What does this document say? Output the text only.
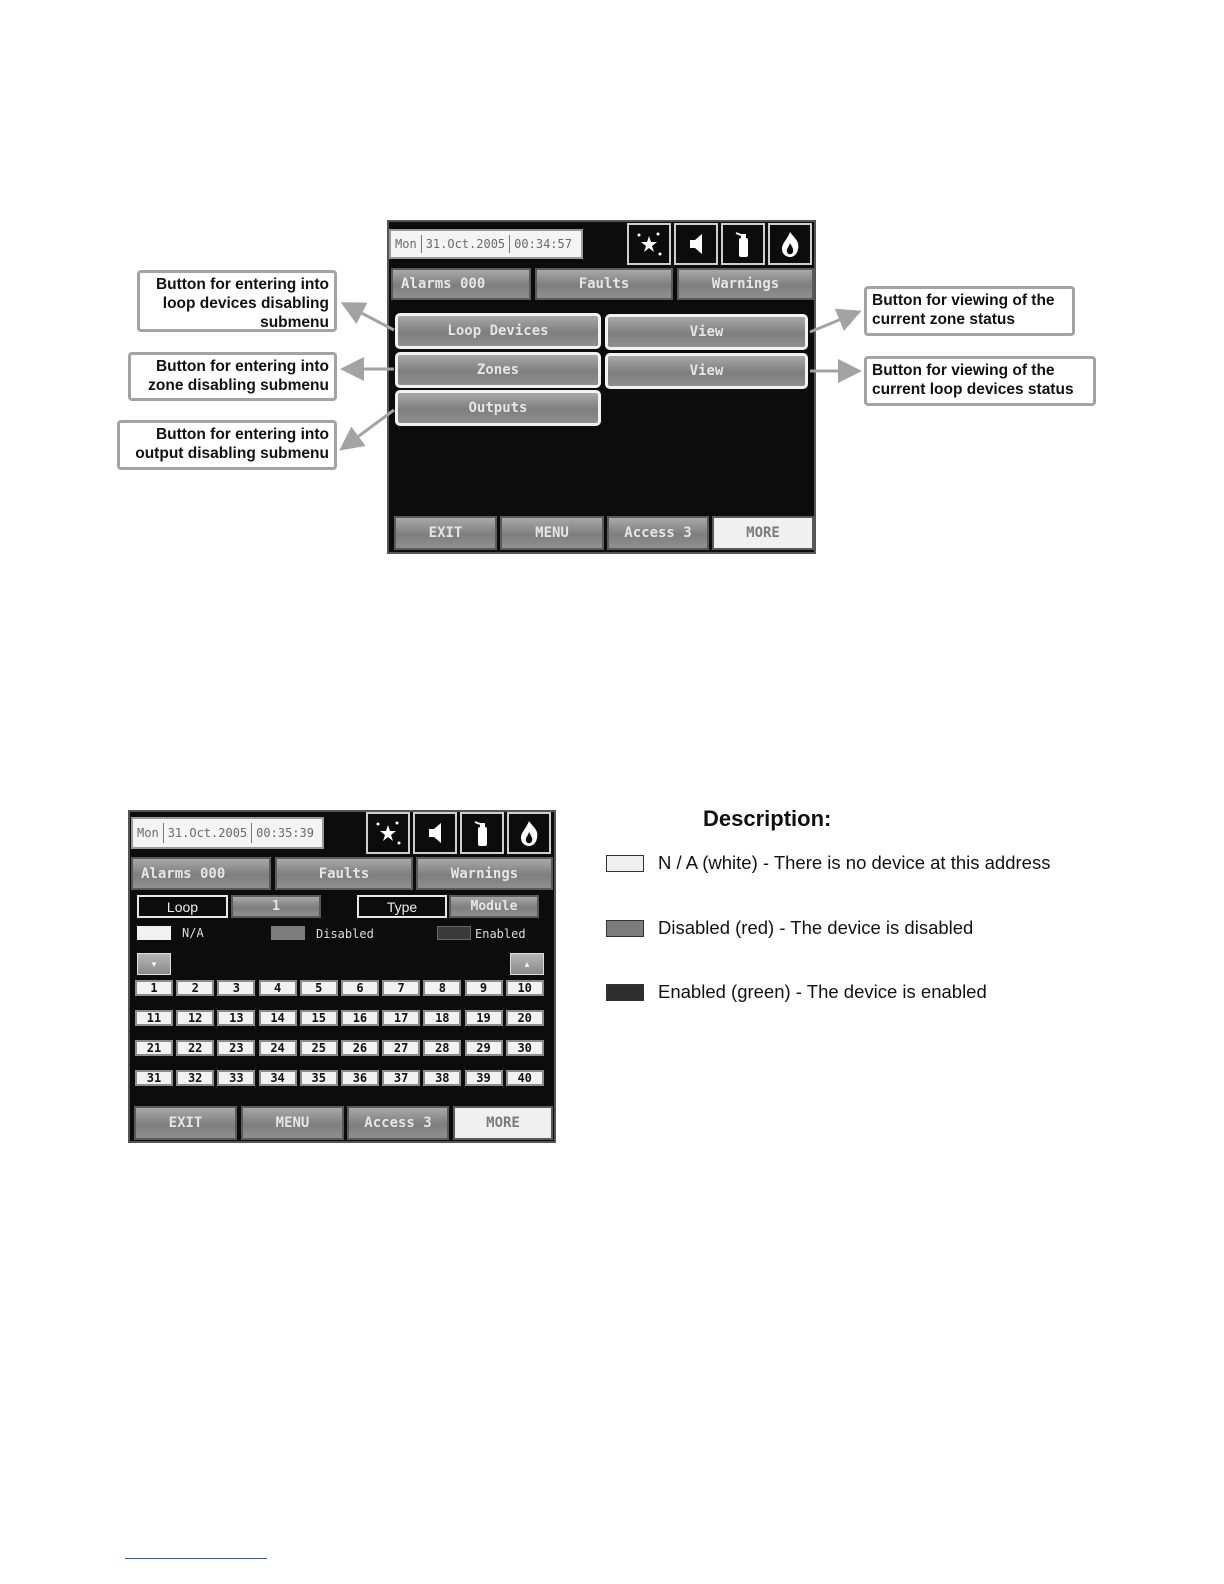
Mon 31.Oct.2005 00:34:57
Alarms 000	Faults	Warnings
Loop Devices
Zones
Outputs
View
View
EXIT	MENU	Access 3	MORE
Button for entering into
loop devices disabling
submenu
Button for entering into
zone disabling submenu
Button for entering into
output disabling submenu
Button for viewing of the
current zone status
Button for viewing of the
current loop devices status
Mon 31.Oct.2005 00:35:39
Alarms 000	Faults	Warnings
Loop	1	Type	Module
N/A	Disabled	Enabled
▾	▴
1	2	3	4	5	6	7	8	9	10
11	12	13	14	15	16	17	18	19	20
21	22	23	24	25	26	27	28	29	30
31	32	33	34	35	36	37	38	39	40
EXIT	MENU	Access 3	MORE
Description:
N / A (white) - There is no device at this address
Disabled (red) - The device is disabled
Enabled (green) - The device is enabled
